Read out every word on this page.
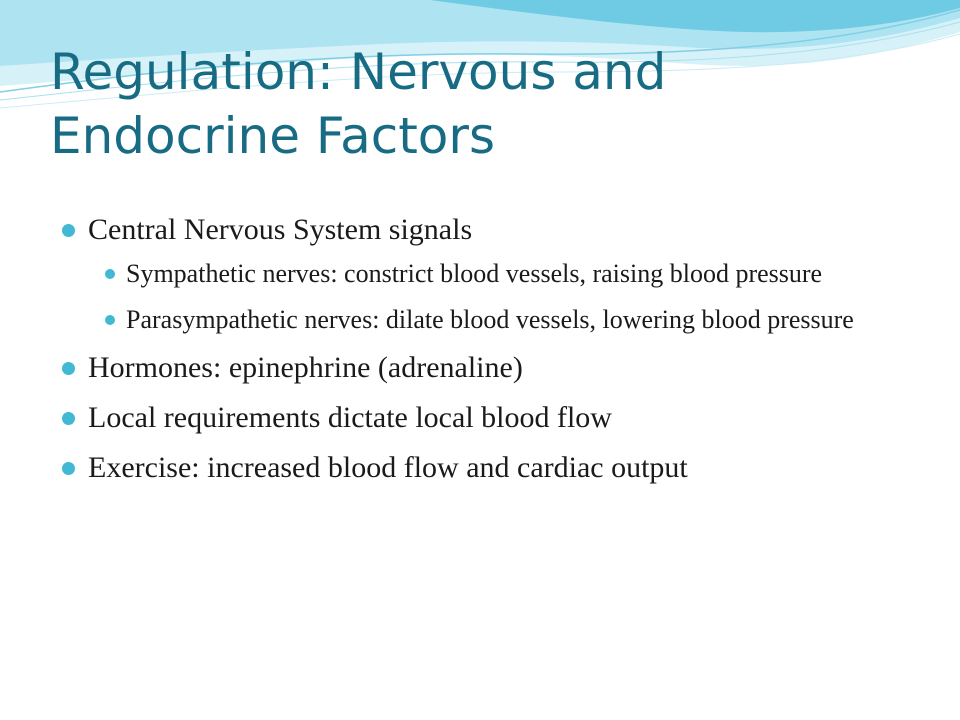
Regulation: Nervous and Endocrine Factors
Central Nervous System signals
Sympathetic nerves: constrict blood vessels, raising blood pressure
Parasympathetic nerves: dilate blood vessels, lowering blood pressure
Hormones: epinephrine (adrenaline)
Local requirements dictate local blood flow
Exercise: increased blood flow and cardiac output
